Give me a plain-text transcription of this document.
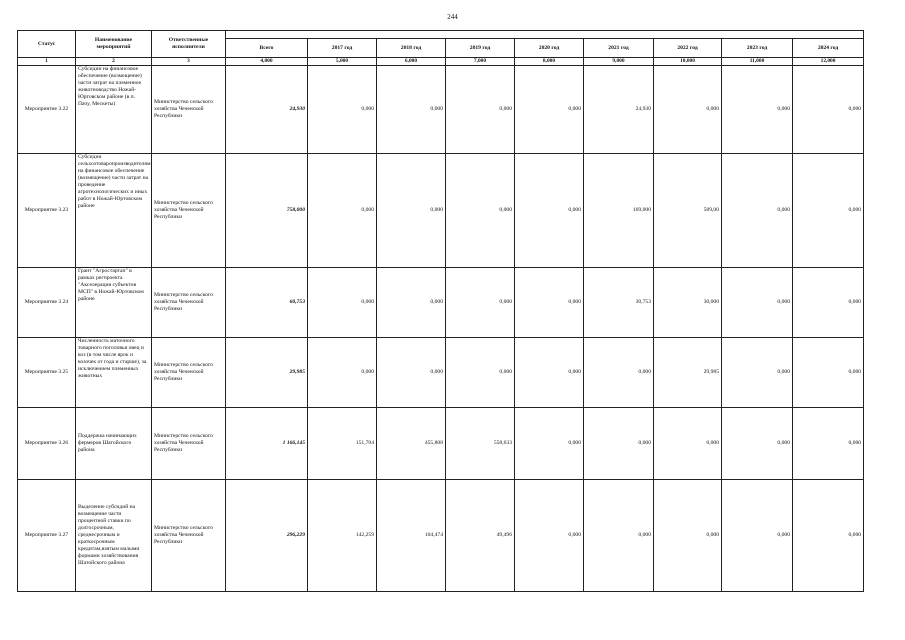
244
Статус	Наименование мероприятий	Ответственные исполнители									
			Всего	2017 год	2018 год	2019 год	2020 год	2021 год	2022 год	2023 год	2024 год
1	2	3	4,000	5,000	6,000	7,000	8,000	9,000	10,000	11,000	12,000
Мероприятие 3.22	Субсидии на финансовое обеспечение (возмещение) части затрат на племенное животноводство Ножай-Юртовском районе (в п. Пачу, Мескеты)	Министерство сельского хозяйства Чеченской Республики	24,930	0,000	0,000	0,000	0,000	24,930	0,000	0,000	0,000
Мероприятие 3.23	Субсидии сельхозтоваропроизводителям на финансовое обеспечение (возмещение) части затрат на проведение агротехнологических и иных работ в Ножай-Юртовском районе	Министерство сельского хозяйства Чеченской Республики	758,000	0,000	0,000	0,000	0,000	169,000	589,00	0,000	0,000
Мероприятие 3.24	Грант "Агростартап" в рамках регпроекта "Акселерация субъектов МСП" в Ножай-Юртовском районе	Министерство сельского хозяйства Чеченской Республики	60,753	0,000	0,000	0,000	0,000	30,753	30,000	0,000	0,000
Мероприятие 3.25	Численность маточного товарного поголовья овец и коз (в том числе ярок и козочек от года и старше), за исключением племенных животных	Министерство сельского хозяйства Чеченской Республики	29,985	0,000	0,000	0,000	0,000	0,000	29,985	0,000	0,000
Мероприятие 3.26	Поддержка начинающих фермеров Шатойского района	Министерство сельского хозяйства Чеченской Республики	1 166,145	151,704	455,808	558,633	0,000	0,000	0,000	0,000	0,000
Мероприятие 3.27	Выделение субсидий на возмещение части процентной ставки по долгосрочным, среднесрочным и краткосрочным кредитам,взятым малыми формами хозяйствования Шатойского района	Министерство сельского хозяйства Чеченской Республики	296,229	142,259	104,474	49,496	0,000	0,000	0,000	0,000	0,000
